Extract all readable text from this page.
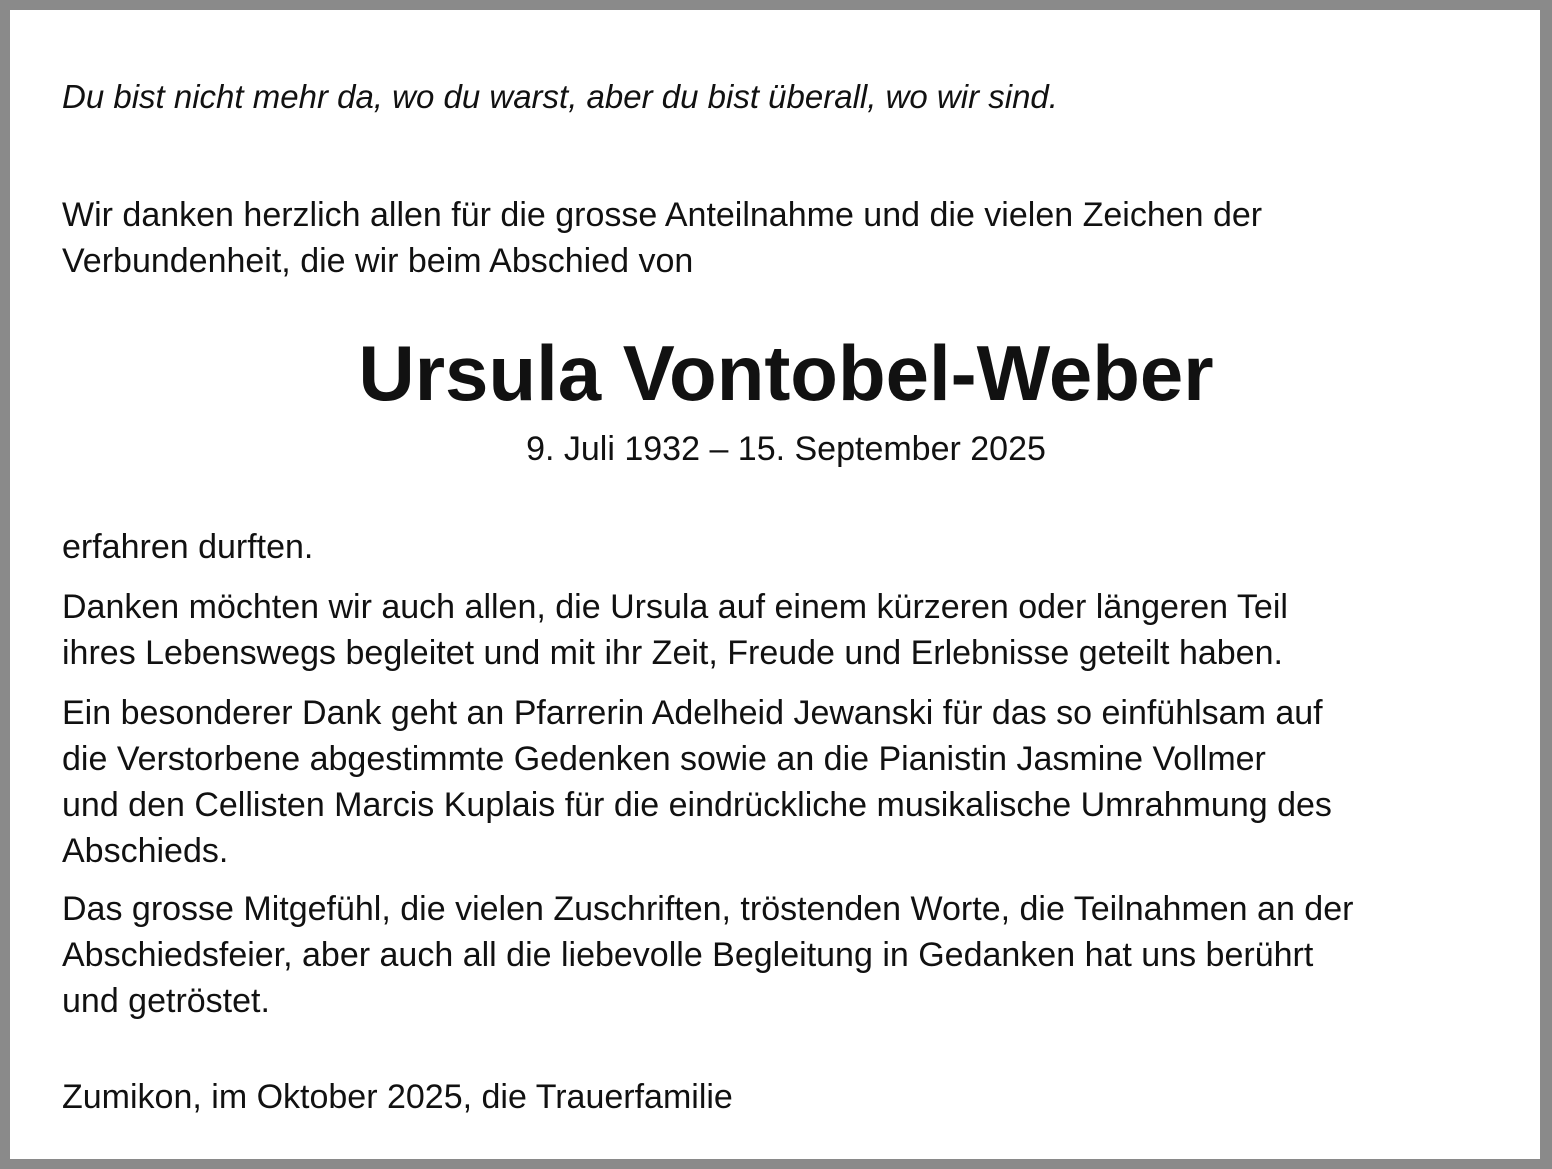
Du bist nicht mehr da, wo du warst, aber du bist überall, wo wir sind.

Wir danken herzlich allen für die grosse Anteilnahme und die vielen Zeichen der
Verbundenheit, die wir beim Abschied von

Ursula Vontobel-Weber

9. Juli 1932 – 15. September 2025

erfahren durften.

Danken möchten wir auch allen, die Ursula auf einem kürzeren oder längeren Teil
ihres Lebenswegs begleitet und mit ihr Zeit, Freude und Erlebnisse geteilt haben.

Ein besonderer Dank geht an Pfarrerin Adelheid Jewanski für das so einfühlsam auf
die Verstorbene abgestimmte Gedenken sowie an die Pianistin Jasmine Vollmer
und den Cellisten Marcis Kuplais für die eindrückliche musikalische Umrahmung des
Abschieds.

Das grosse Mitgefühl, die vielen Zuschriften, tröstenden Worte, die Teilnahmen an der
Abschiedsfeier, aber auch all die liebevolle Begleitung in Gedanken hat uns berührt
und getröstet.

Zumikon, im Oktober 2025, die Trauerfamilie
